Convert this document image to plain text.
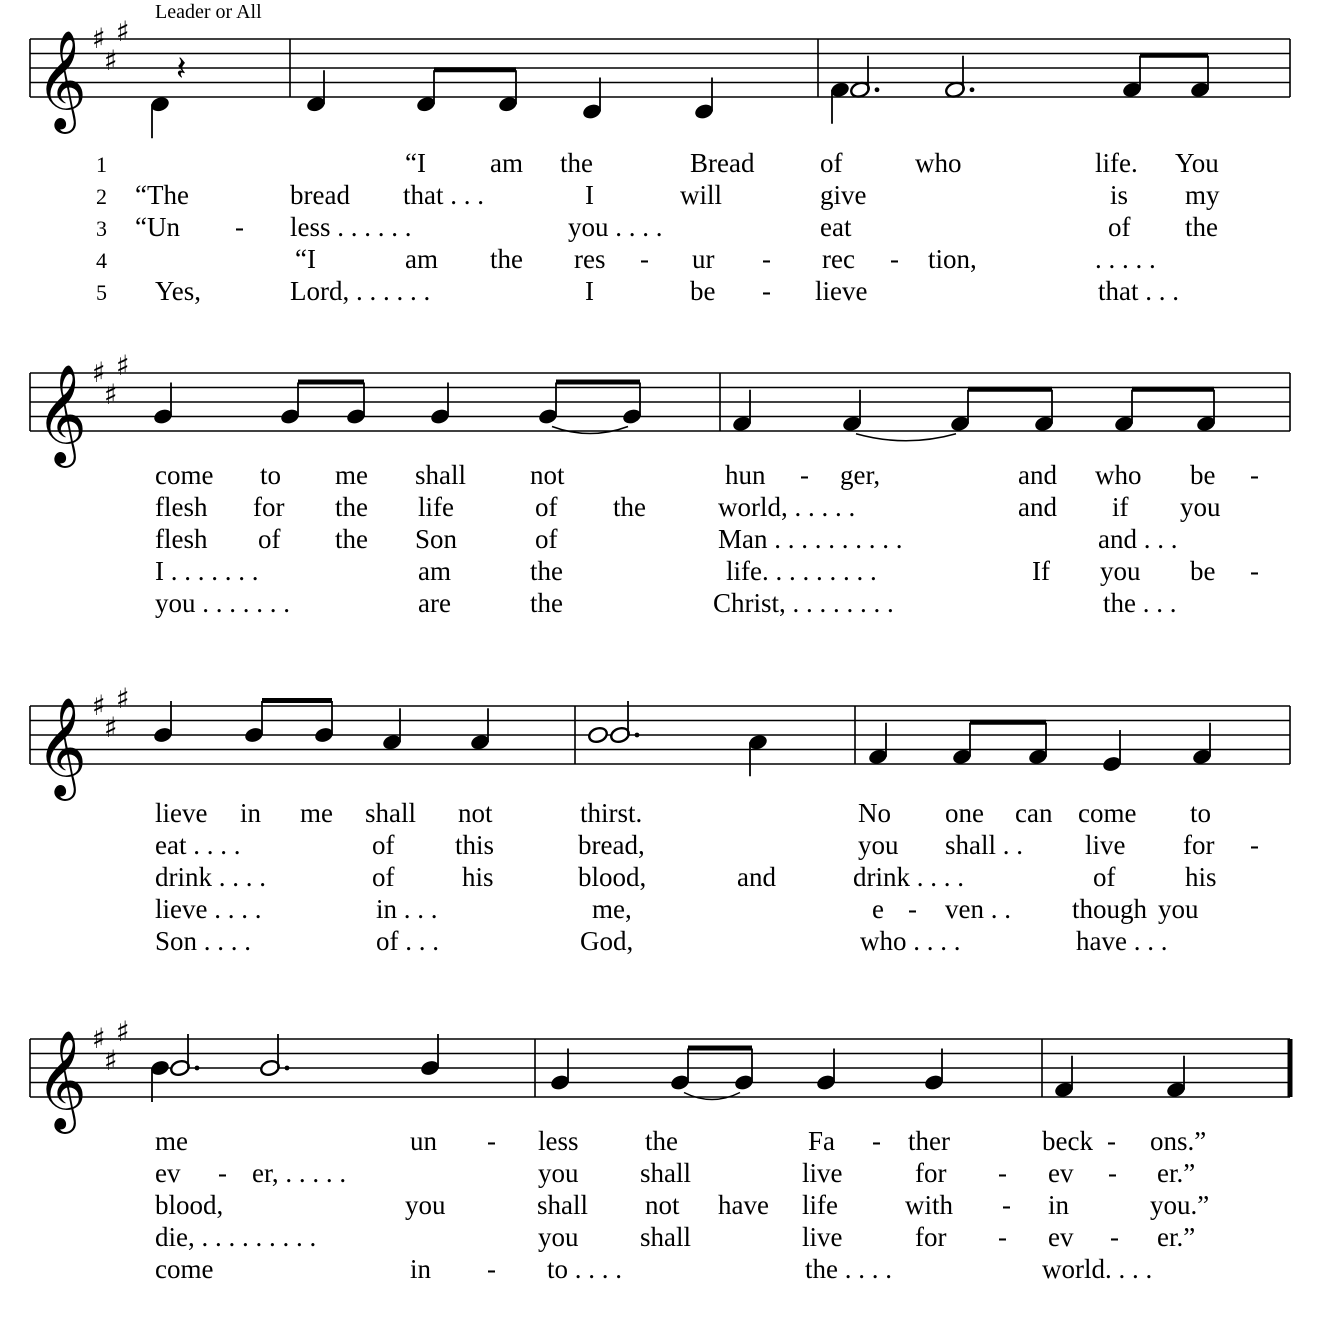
Leader or All
𝄞 ♯
♯
♯
𝄽
𝄞 ♯
♯
♯
𝄞 ♯
♯
♯
𝄞 ♯
♯
♯
1	“I am the	Bread of	life. You
who
2 “The	bread that . . .	I	will	give	is my
3 “Un - less . . . . . .	you . . . .	eat	of the
4	“I	am the res - ur - rec - tion,	. . . . .
5 Yes,	Lord, . . . . . .	I	be - lieve	that . . .
come to me shall not	hun - ger,	and who be -
flesh for the life	of the	world, . . . . .	and if you
flesh of the Son	of	Man . . . . . . . . . .	and . . .
I . . . . . . .	am	the	life. . . . . . . . .	If you be -
you . . . . . . .	are	the	Christ, . . . . . . . .	the . . .
lieve in me shall not	thirst.	No one can come to
eat . . . .	of this	bread,	you shall . . live for -
drink . . . .	of	his	blood,	and	drink . . . .	of	his
lieve . . . .	in . . .	me,	e - ven . . though you
Son . . . .	of . . .	God,	who . . . .	have . . .
me	un - less the	Fa - ther	beck - ons.”
ev - er, . . . . .	you shall	live	for - ev - er.”
blood,	you	shall not have life with - in	you.”
die, . . . . . . . . .	you shall	live	for - ev - er.”
come	in - to . . . .	the . . . .	world. . . .
